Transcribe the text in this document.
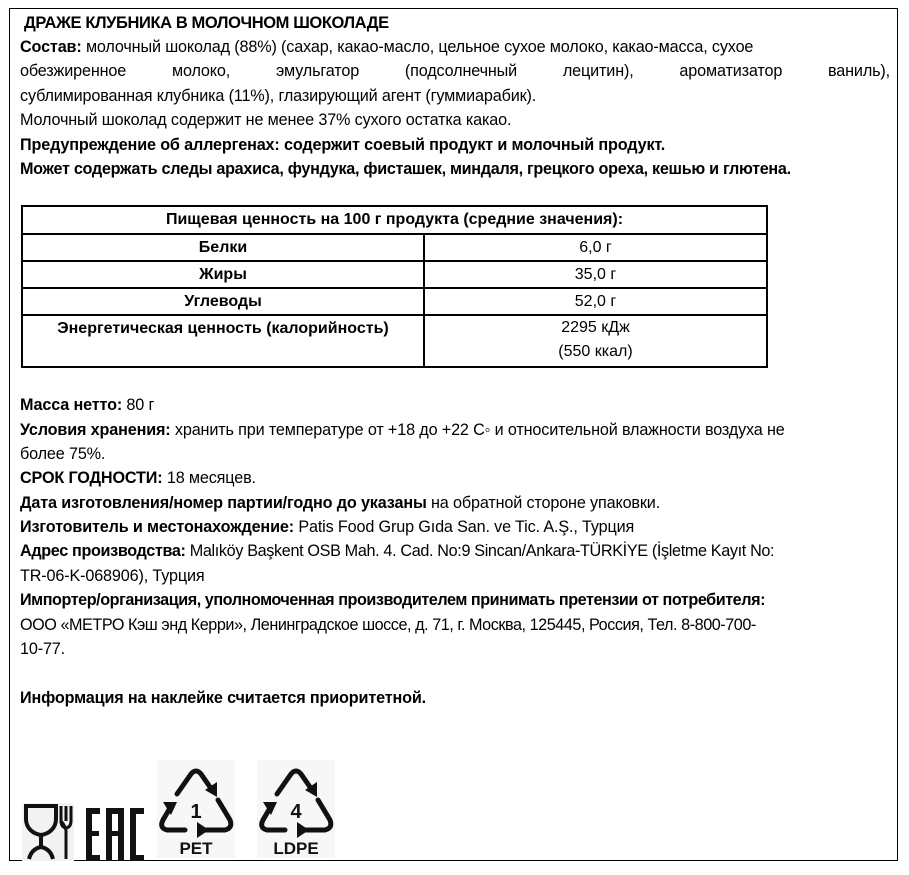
ДРАЖЕ КЛУБНИКА В МОЛОЧНОМ ШОКОЛАДЕ
Состав: молочный шоколад (88%) (сахар, какао-масло, цельное сухое молоко, какао-масса, сухое
обезжиренное молоко, эмульгатор (подсолнечный лецитин), ароматизатор ваниль),
сублимированная клубника (11%), глазирующий агент (гуммиарабик).
Молочный шоколад содержит не менее 37% сухого остатка какао.
Предупреждение об аллергенах: содержит соевый продукт и молочный продукт.
Может содержать следы арахиса, фундука, фисташек, миндаля, грецкого ореха, кешью и глютена.
Пищевая ценность на 100 г продукта (средние значения):	
Белки	6,0 г
Жиры	35,0 г
Углеводы	52,0 г
Энергетическая ценность (калорийность)	2295 кДж
(550 ккал)
Масса нетто: 80 г
Условия хранения: хранить при температуре от +18 до +22 С◦ и относительной влажности воздуха не
более 75%.
СРОК ГОДНОСТИ: 18 месяцев.
Дата изготовления/номер партии/годно до указаны на обратной стороне упаковки.
Изготовитель и местонахождение: Patis Food Grup Gıda San. ve Tic. A.Ş., Турция
Адрес производства: Malıköy Başkent OSB Mah. 4. Cad. No:9 Sincan/Ankara-TÜRKİYE (İşletme Kayıt No:
TR-06-K-068906), Турция
Импортер/организация, уполномоченная производителем принимать претензии от потребителя:
ООО «МЕТРО Кэш энд Керри», Ленинградское шоссе, д. 71, г. Москва, 125445, Россия, Тел. 8-800-700-
10-77.
Информация на наклейке считается приоритетной.
1
PET
4
LDPE
